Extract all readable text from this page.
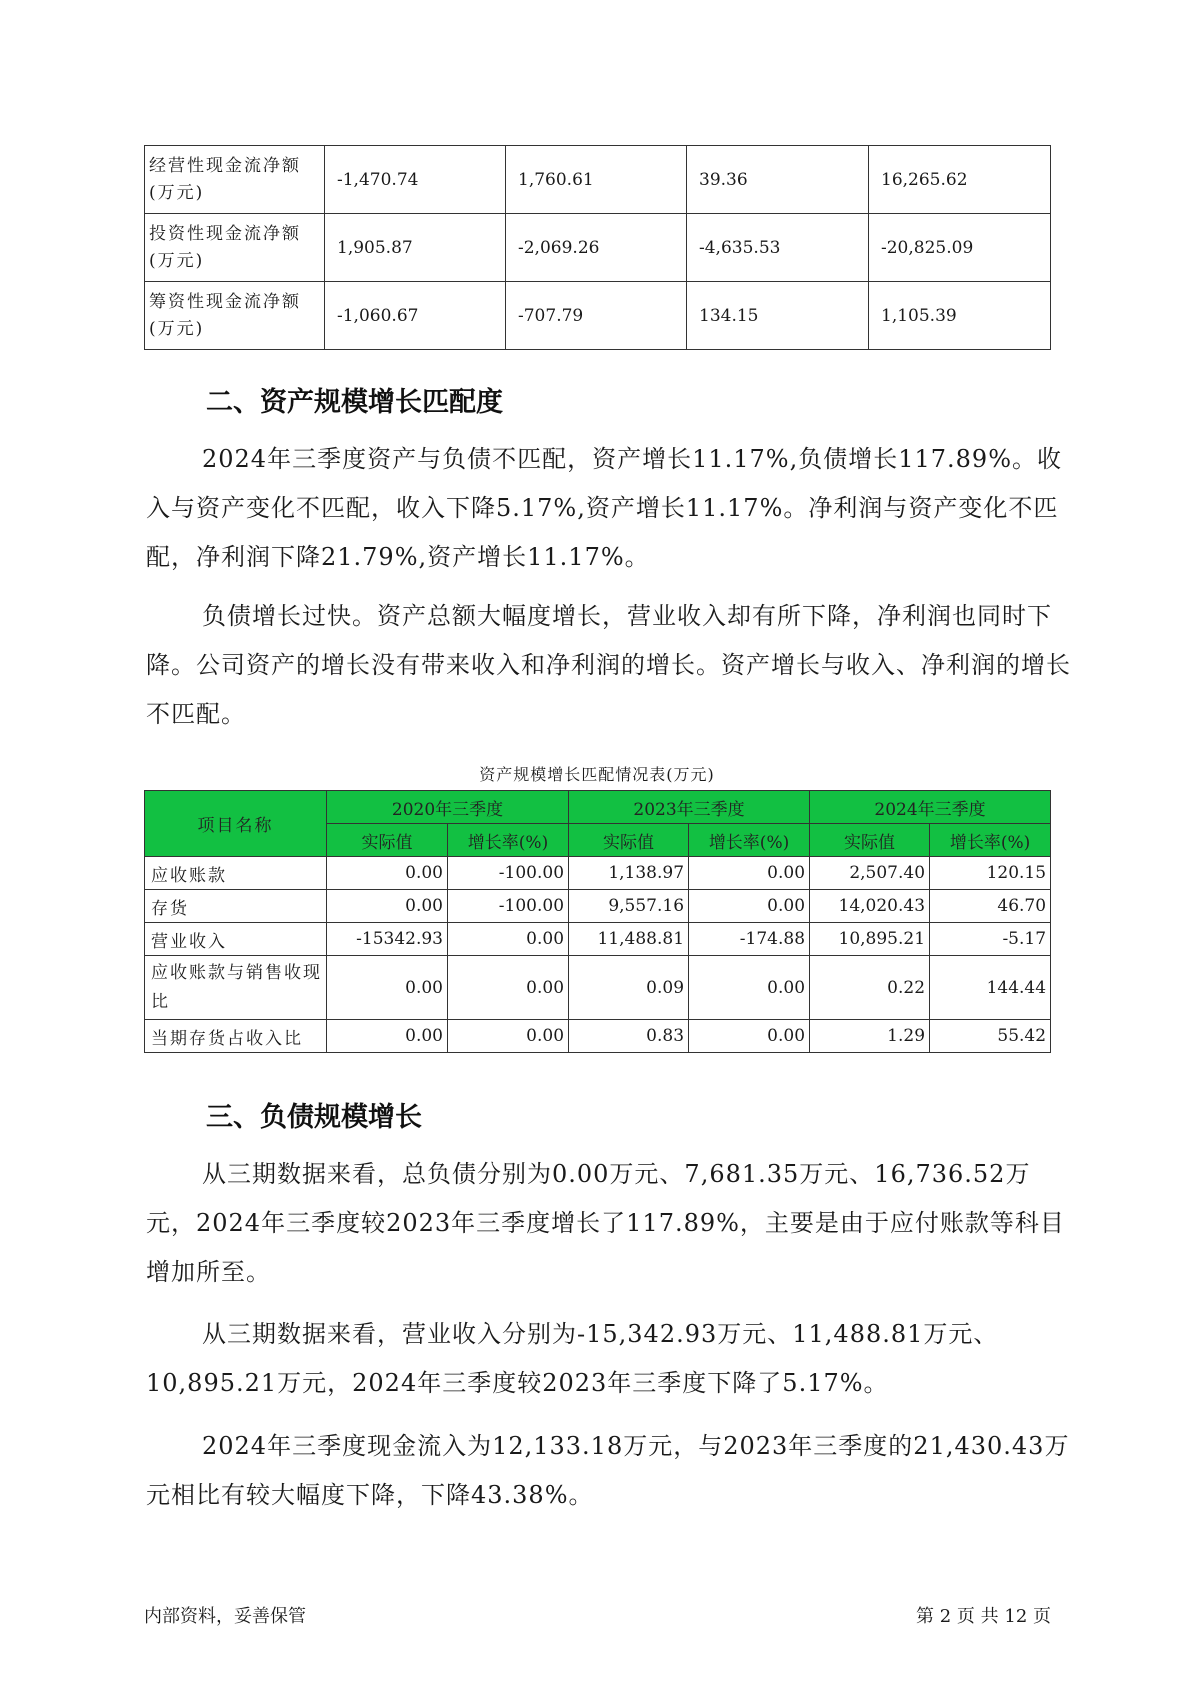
经营性现金流净额(万元)	-1,470.74	1,760.61	39.36	16,265.62
投资性现金流净额(万元)	1,905.87	-2,069.26	-4,635.53	-20,825.09
筹资性现金流净额(万元)	-1,060.67	-707.79	134.15	1,105.39
二、资产规模增长匹配度

2024年三季度资产与负债不匹配，资产增长11.17%,负债增长117.89%。收入与资产变化不匹配，收入下降5.17%,资产增长11.17%。净利润与资产变化不匹配，净利润下降21.79%,资产增长11.17%。

负债增长过快。资产总额大幅度增长，营业收入却有所下降，净利润也同时下降。公司资产的增长没有带来收入和净利润的增长。资产增长与收入、净利润的增长不匹配。

资产规模增长匹配情况表(万元)

项目名称	2020年三季度		2023年三季度		2024年三季度	
	实际值	增长率(%)	实际值	增长率(%)	实际值	增长率(%)
应收账款	0.00	-100.00	1,138.97	0.00	2,507.40	120.15
存货	0.00	-100.00	9,557.16	0.00	14,020.43	46.70
营业收入	-15342.93	0.00	11,488.81	-174.88	10,895.21	-5.17
应收账款与销售收现比	0.00	0.00	0.09	0.00	0.22	144.44
当期存货占收入比	0.00	0.00	0.83	0.00	1.29	55.42
三、负债规模增长

从三期数据来看，总负债分别为0.00万元、7,681.35万元、16,736.52万元，2024年三季度较2023年三季度增长了117.89%，主要是由于应付账款等科目增加所至。

从三期数据来看，营业收入分别为-15,342.93万元、11,488.81万元、10,895.21万元，2024年三季度较2023年三季度下降了5.17%。

2024年三季度现金流入为12,133.18万元，与2023年三季度的21,430.43万元相比有较大幅度下降，下降43.38%。

内部资料，妥善保管	第 2 页 共 12 页
